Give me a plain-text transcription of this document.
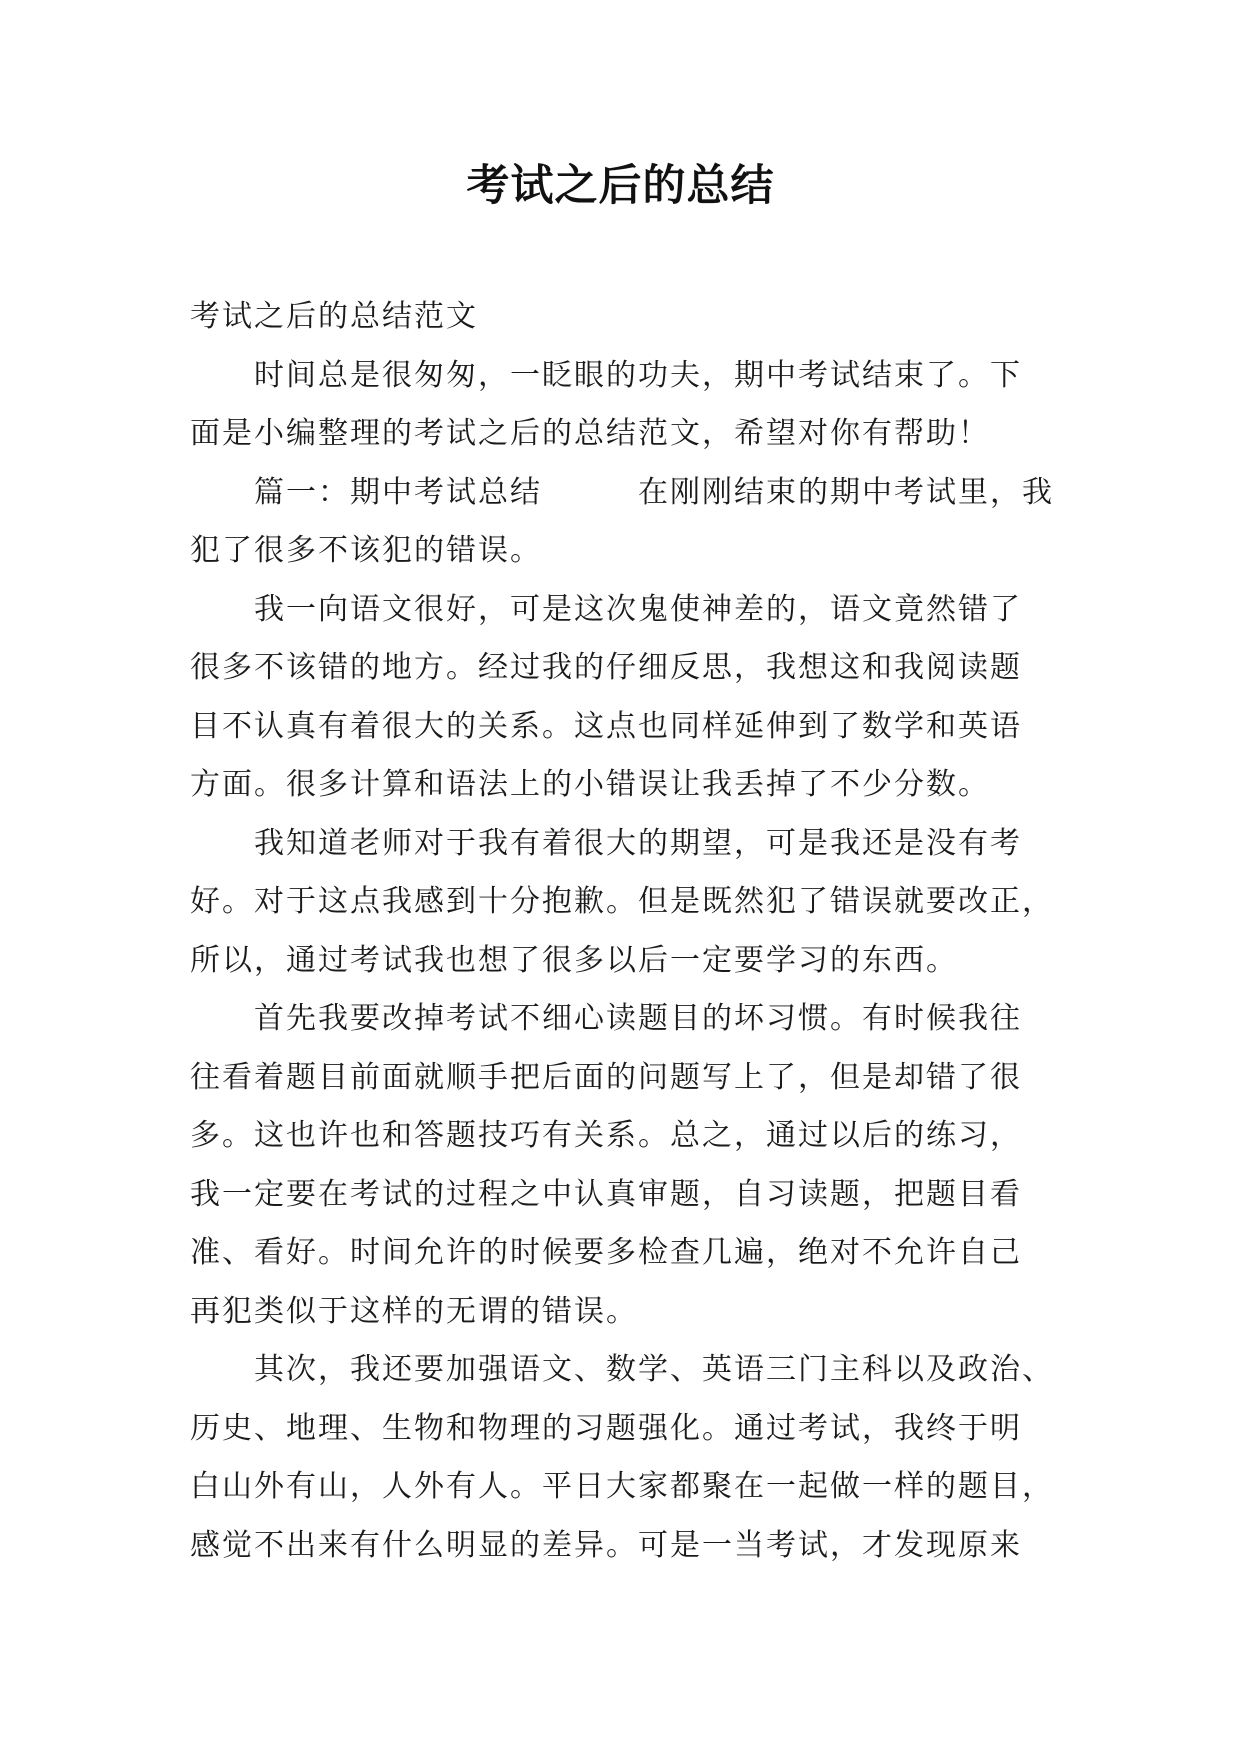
考试之后的总结

考试之后的总结范文

时间总是很匆匆，一眨眼的功夫，期中考试结束了。下
面是小编整理的考试之后的总结范文，希望对你有帮助！

篇一：期中考试总结　　　在刚刚结束的期中考试里，我
犯了很多不该犯的错误。

我一向语文很好，可是这次鬼使神差的，语文竟然错了
很多不该错的地方。经过我的仔细反思，我想这和我阅读题
目不认真有着很大的关系。这点也同样延伸到了数学和英语
方面。很多计算和语法上的小错误让我丢掉了不少分数。

我知道老师对于我有着很大的期望，可是我还是没有考
好。对于这点我感到十分抱歉。但是既然犯了错误就要改正，
所以，通过考试我也想了很多以后一定要学习的东西。

首先我要改掉考试不细心读题目的坏习惯。有时候我往
往看着题目前面就顺手把后面的问题写上了，但是却错了很
多。这也许也和答题技巧有关系。总之，通过以后的练习，
我一定要在考试的过程之中认真审题，自习读题，把题目看
准、看好。时间允许的时候要多检查几遍，绝对不允许自己
再犯类似于这样的无谓的错误。

其次，我还要加强语文、数学、英语三门主科以及政治、
历史、地理、生物和物理的习题强化。通过考试，我终于明
白山外有山，人外有人。平日大家都聚在一起做一样的题目，
感觉不出来有什么明显的差异。可是一当考试，才发现原来
